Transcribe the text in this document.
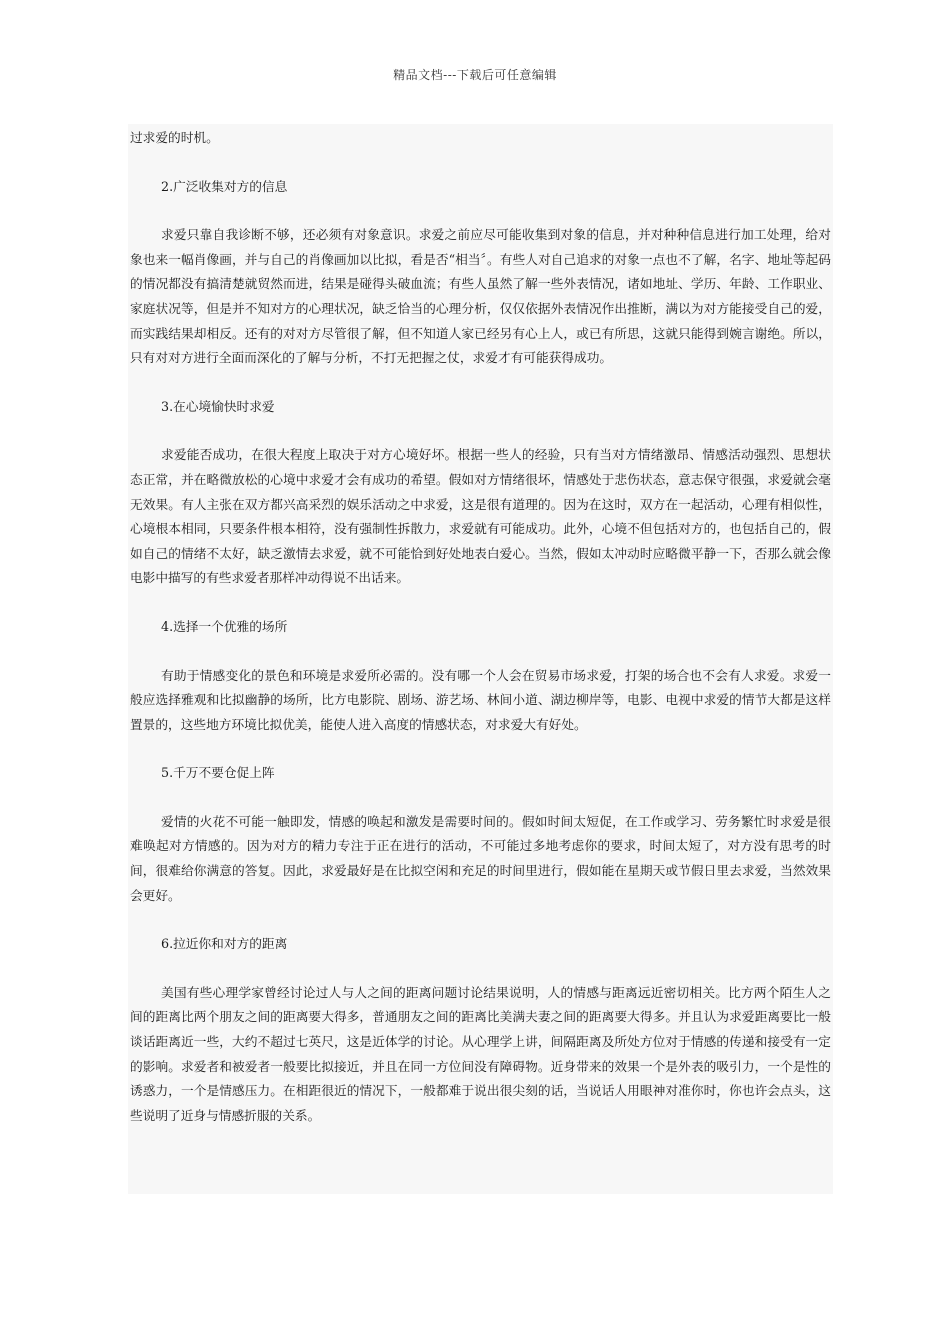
精品文档---下载后可任意编辑

过求爱的时机。

2.广泛收集对方的信息

求爱只靠自我诊断不够，还必须有对象意识。求爱之前应尽可能收集到对象的信息，并对种种信息进行加工处理，给对象也来一幅肖像画，并与自己的肖像画加以比拟，看是否“相当〞。有些人对自己追求的对象一点也不了解，名字、地址等起码的情况都没有搞清楚就贸然而进，结果是碰得头破血流；有些人虽然了解一些外表情况，诸如地址、学历、年龄、工作职业、家庭状况等，但是并不知对方的心理状况，缺乏恰当的心理分析，仅仅依据外表情况作出推断，满以为对方能接受自己的爱，而实践结果却相反。还有的对对方尽管很了解，但不知道人家已经另有心上人，或已有所思，这就只能得到婉言谢绝。所以，只有对对方进行全面而深化的了解与分析，不打无把握之仗，求爱才有可能获得成功。

3.在心境愉快时求爱

求爱能否成功，在很大程度上取决于对方心境好坏。根据一些人的经验，只有当对方情绪激昂、情感活动强烈、思想状态正常，并在略微放松的心境中求爱才会有成功的希望。假如对方情绪很坏，情感处于悲伤状态，意志保守很强，求爱就会毫无效果。有人主张在双方都兴高采烈的娱乐活动之中求爱，这是很有道理的。因为在这时，双方在一起活动，心理有相似性，心境根本相同，只要条件根本相符，没有强制性拆散力，求爱就有可能成功。此外，心境不但包括对方的，也包括自己的，假如自己的情绪不太好，缺乏激情去求爱，就不可能恰到好处地表白爱心。当然，假如太冲动时应略微平静一下，否那么就会像电影中描写的有些求爱者那样冲动得说不出话来。

4.选择一个优雅的场所

有助于情感变化的景色和环境是求爱所必需的。没有哪一个人会在贸易市场求爱，打架的场合也不会有人求爱。求爱一般应选择雅观和比拟幽静的场所，比方电影院、剧场、游艺场、林间小道、湖边柳岸等，电影、电视中求爱的情节大都是这样置景的，这些地方环境比拟优美，能使人进入高度的情感状态，对求爱大有好处。

5.千万不要仓促上阵

爱情的火花不可能一触即发，情感的唤起和激发是需要时间的。假如时间太短促，在工作或学习、劳务繁忙时求爱是很难唤起对方情感的。因为对方的精力专注于正在进行的活动，不可能过多地考虑你的要求，时间太短了，对方没有思考的时间，很难给你满意的答复。因此，求爱最好是在比拟空闲和充足的时间里进行，假如能在星期天或节假日里去求爱，当然效果会更好。

6.拉近你和对方的距离

美国有些心理学家曾经讨论过人与人之间的距离问题讨论结果说明，人的情感与距离远近密切相关。比方两个陌生人之间的距离比两个朋友之间的距离要大得多，普通朋友之间的距离比美满夫妻之间的距离要大得多。并且认为求爱距离要比一般谈话距离近一些，大约不超过七英尺，这是近体学的讨论。从心理学上讲，间隔距离及所处方位对于情感的传递和接受有一定的影响。求爱者和被爱者一般要比拟接近，并且在同一方位间没有障碍物。近身带来的效果一个是外表的吸引力，一个是性的诱惑力，一个是情感压力。在相距很近的情况下，一般都难于说出很尖刻的话，当说话人用眼神对准你时，你也许会点头，这些说明了近身与情感折服的关系。
